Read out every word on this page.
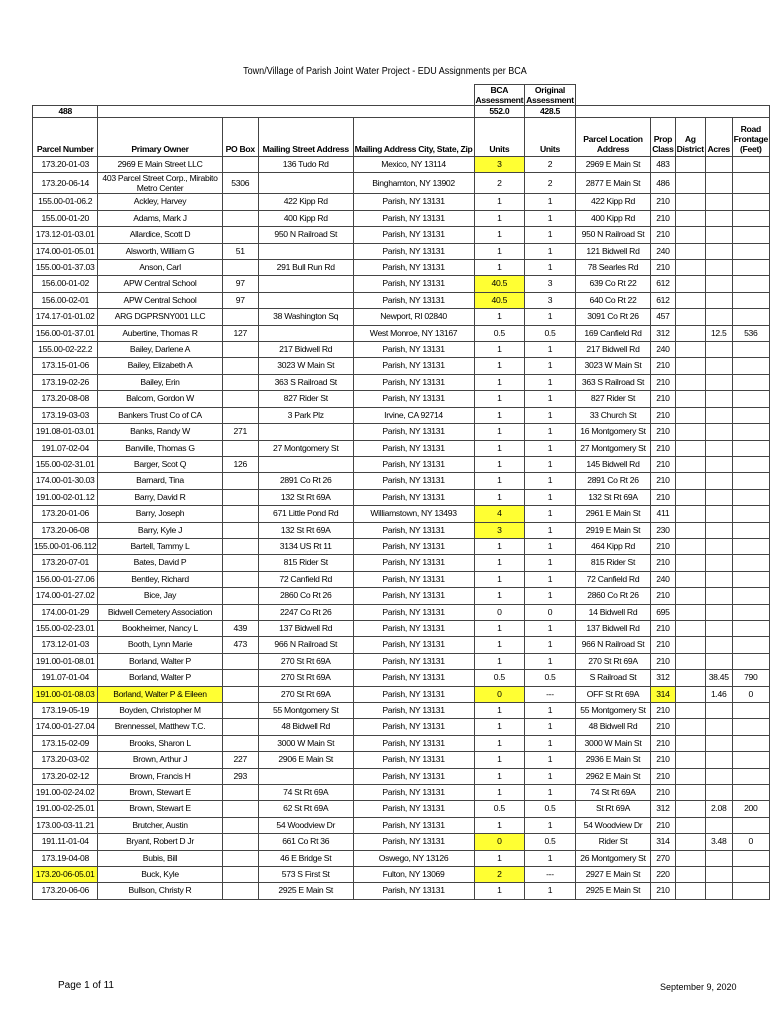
Town/Village of Parish Joint Water Project - EDU Assignments per BCA
					BCA Assessment	Original Assessment					
488					552.0	428.5					
Parcel Number	Primary Owner	PO Box	Mailing Street Address	Mailing Address City, State, Zip	Units	Units	Parcel Location Address	Prop Class	Ag District	Acres	Road Frontage (Feet)
173.20-01-03	2969 E Main Street LLC		136 Tudo Rd	Mexico, NY 13114	3	2	2969 E Main St	483			
173.20-06-14	403 Parcel Street Corp., Mirabito Metro Center	5306		Binghamton, NY 13902	2	2	2877 E Main St	486			
155.00-01-06.2	Ackley, Harvey		422 Kipp Rd	Parish, NY 13131	1	1	422 Kipp Rd	210			
155.00-01-20	Adams, Mark J		400 Kipp Rd	Parish, NY 13131	1	1	400 Kipp Rd	210			
173.12-01-03.01	Allardice, Scott D		950 N Railroad St	Parish, NY 13131	1	1	950 N Railroad St	210			
174.00-01-05.01	Alsworth, William G	51		Parish, NY 13131	1	1	121 Bidwell Rd	240			
155.00-01-37.03	Anson, Carl		291 Bull Run Rd	Parish, NY 13131	1	1	78 Searles Rd	210			
156.00-01-02	APW Central School	97		Parish, NY 13131	40.5	3	639 Co Rt 22	612			
156.00-02-01	APW Central School	97		Parish, NY 13131	40.5	3	640 Co Rt 22	612			
174.17-01-01.02	ARG DGPRSNY001 LLC		38 Washington Sq	Newport, RI 02840	1	1	3091 Co Rt 26	457			
156.00-01-37.01	Aubertine, Thomas R	127		West Monroe, NY 13167	0.5	0.5	169 Canfield Rd	312		12.5	536
155.00-02-22.2	Bailey, Darlene A		217 Bidwell Rd	Parish, NY 13131	1	1	217 Bidwell Rd	240			
173.15-01-06	Bailey, Elizabeth A		3023 W Main St	Parish, NY 13131	1	1	3023 W Main St	210			
173.19-02-26	Bailey, Erin		363 S Railroad St	Parish, NY 13131	1	1	363 S Railroad St	210			
173.20-08-08	Balcom, Gordon W		827 Rider St	Parish, NY 13131	1	1	827 Rider St	210			
173.19-03-03	Bankers Trust Co of CA		3 Park Plz	Irvine, CA 92714	1	1	33 Church St	210			
191.08-01-03.01	Banks, Randy W	271		Parish, NY 13131	1	1	16 Montgomery St	210			
191.07-02-04	Banville, Thomas G		27 Montgomery St	Parish, NY 13131	1	1	27 Montgomery St	210			
155.00-02-31.01	Barger, Scot Q	126		Parish, NY 13131	1	1	145 Bidwell Rd	210			
174.00-01-30.03	Barnard, Tina		2891 Co Rt 26	Parish, NY 13131	1	1	2891 Co Rt 26	210			
191.00-02-01.12	Barry, David R		132 St Rt 69A	Parish, NY 13131	1	1	132 St Rt 69A	210			
173.20-01-06	Barry, Joseph		671 Little Pond Rd	Williamstown, NY 13493	4	1	2961 E Main St	411			
173.20-06-08	Barry, Kyle J		132 St Rt 69A	Parish, NY 13131	3	1	2919 E Main St	230			
155.00-01-06.112	Bartell, Tammy L		3134 US Rt 11	Parish, NY 13131	1	1	464 Kipp Rd	210			
173.20-07-01	Bates, David P		815 Rider St	Parish, NY 13131	1	1	815 Rider St	210			
156.00-01-27.06	Bentley, Richard		72 Canfield Rd	Parish, NY 13131	1	1	72 Canfield Rd	240			
174.00-01-27.02	Bice, Jay		2860 Co Rt 26	Parish, NY 13131	1	1	2860 Co Rt 26	210			
174.00-01-29	Bidwell Cemetery Association		2247 Co Rt 26	Parish, NY 13131	0	0	14 Bidwell Rd	695			
155.00-02-23.01	Bookheimer, Nancy L	439	137 Bidwell Rd	Parish, NY 13131	1	1	137 Bidwell Rd	210			
173.12-01-03	Booth, Lynn Marie	473	966 N Railroad St	Parish, NY 13131	1	1	966 N Railroad St	210			
191.00-01-08.01	Borland, Walter P		270 St Rt 69A	Parish, NY 13131	1	1	270 St Rt 69A	210			
191.07-01-04	Borland, Walter P		270 St Rt 69A	Parish, NY 13131	0.5	0.5	S Railroad St	312		38.45	790
191.00-01-08.03	Borland, Walter P & Eileen		270 St Rt 69A	Parish, NY 13131	0	---	OFF St Rt 69A	314		1.46	0
173.19-05-19	Boyden, Christopher M		55 Montgomery St	Parish, NY 13131	1	1	55 Montgomery St	210			
174.00-01-27.04	Brennessel, Matthew T.C.		48 Bidwell Rd	Parish, NY 13131	1	1	48 Bidwell Rd	210			
173.15-02-09	Brooks, Sharon L		3000 W Main St	Parish, NY 13131	1	1	3000 W Main St	210			
173.20-03-02	Brown, Arthur J	227	2906 E Main St	Parish, NY 13131	1	1	2936 E Main St	210			
173.20-02-12	Brown, Francis H	293		Parish, NY 13131	1	1	2962 E Main St	210			
191.00-02-24.02	Brown, Stewart E		74 St Rt 69A	Parish, NY 13131	1	1	74 St Rt 69A	210			
191.00-02-25.01	Brown, Stewart E		62 St Rt 69A	Parish, NY 13131	0.5	0.5	St Rt 69A	312		2.08	200
173.00-03-11.21	Brutcher, Austin		54 Woodview Dr	Parish, NY 13131	1	1	54 Woodview Dr	210			
191.11-01-04	Bryant, Robert D Jr		661 Co Rt 36	Parish, NY 13131	0	0.5	Rider St	314		3.48	0
173.19-04-08	Bubis, Bill		46 E Bridge St	Oswego, NY 13126	1	1	26 Montgomery St	270			
173.20-06-05.01	Buck, Kyle		573 S First St	Fulton, NY 13069	2	---	2927 E Main St	220			
173.20-06-06	Bullson, Christy R		2925 E Main St	Parish, NY 13131	1	1	2925 E Main St	210			
Page 1 of 11	September 9, 2020
